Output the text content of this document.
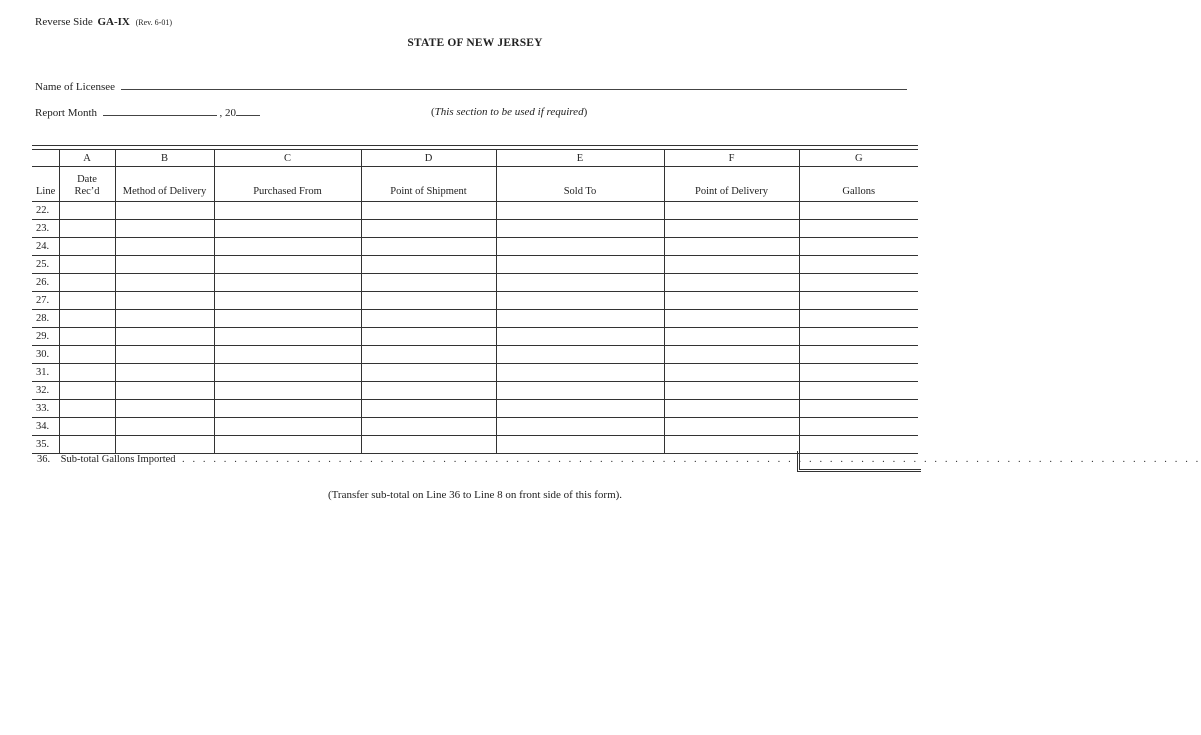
Reverse Side GA-IX (Rev. 6-01)
STATE OF NEW JERSEY
Name of Licensee
Report Month	, 20	(This section to be used if required)
	A	B	C	D	E	F	G
Line	Date Rec’d	Method of Delivery	Purchased From	Point of Shipment	Sold To	Point of Delivery	Gallons
22.							
23.							
24.							
25.							
26.							
27.							
28.							
29.							
30.							
31.							
32.							
33.							
34.							
35.							
36. Sub-total Gallons Imported . . . . . . . . . . . . . . . . . . . . . . . . . . . . . . . . . . . . . . . . . . . . . . . . . . . . . . . . . . . . . . . . . . . . . . . . . . . . . . . . . . . . . . . . . . . . . . . . . .
(Transfer sub-total on Line 36 to Line 8 on front side of this form).
